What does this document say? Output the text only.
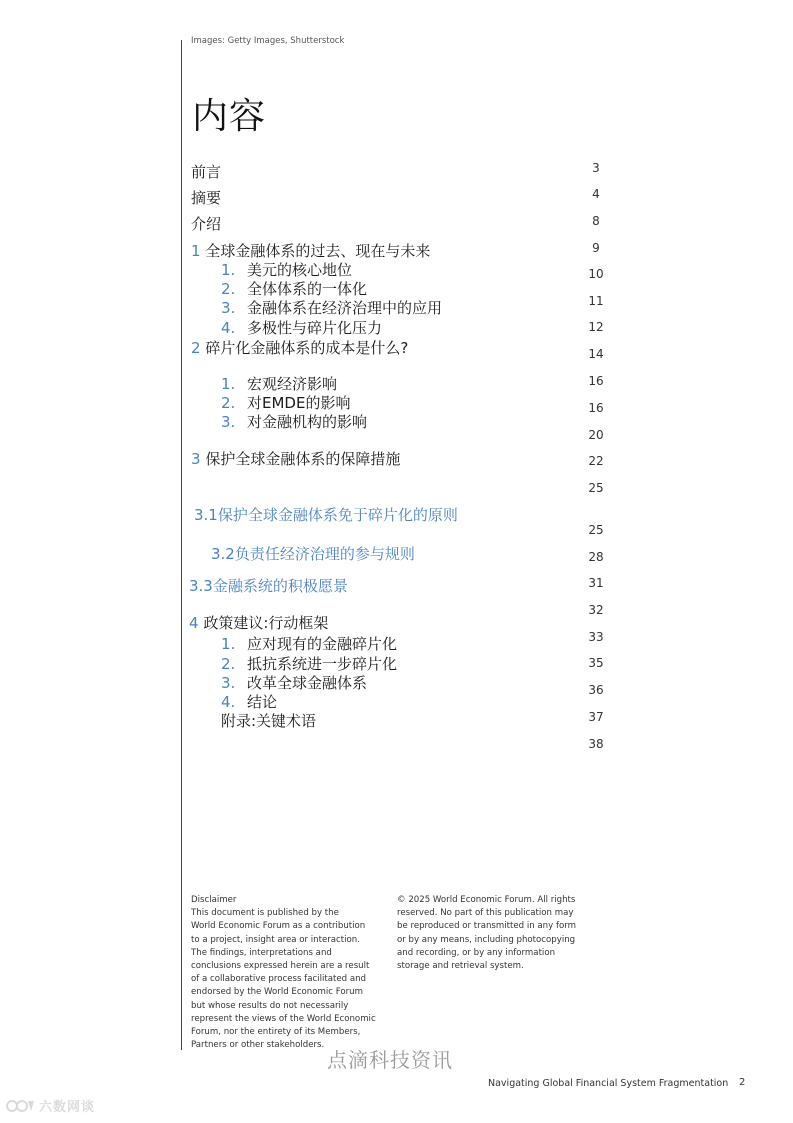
Images: Getty Images, Shutterstock
内容
前言
摘要
介绍
1 全球金融体系的过去、现在与未来
1. 美元的核心地位
2. 全体体系的一体化
3. 金融体系在经济治理中的应用
4. 多极性与碎片化压力
2 碎片化金融体系的成本是什么?
1. 宏观经济影响
2. 对EMDE的影响
3. 对金融机构的影响
3 保护全球金融体系的保障措施
3.1保护全球金融体系免于碎片化的原则
3.2负责任经济治理的参与规则
3.3金融系统的积极愿景
4 政策建议:行动框架
1. 应对现有的金融碎片化
2. 抵抗系统进一步碎片化
3. 改革全球金融体系
4. 结论
附录:关键术语
3
4
8
9
10
11
12
14
16
16
20
22
25
25
28
31
32
33
35
36
37
38
Disclaimer
This document is published by the
World Economic Forum as a contribution
to a project, insight area or interaction.
The findings, interpretations and
conclusions expressed herein are a result
of a collaborative process facilitated and
endorsed by the World Economic Forum
but whose results do not necessarily
represent the views of the World Economic
Forum, nor the entirety of its Members,
Partners or other stakeholders.
© 2025 World Economic Forum. All rights
reserved. No part of this publication may
be reproduced or transmitted in any form
or by any means, including photocopying
and recording, or by any information
storage and retrieval system.
点滴科技资讯
Navigating Global Financial System Fragmentation 2
六数网谈
